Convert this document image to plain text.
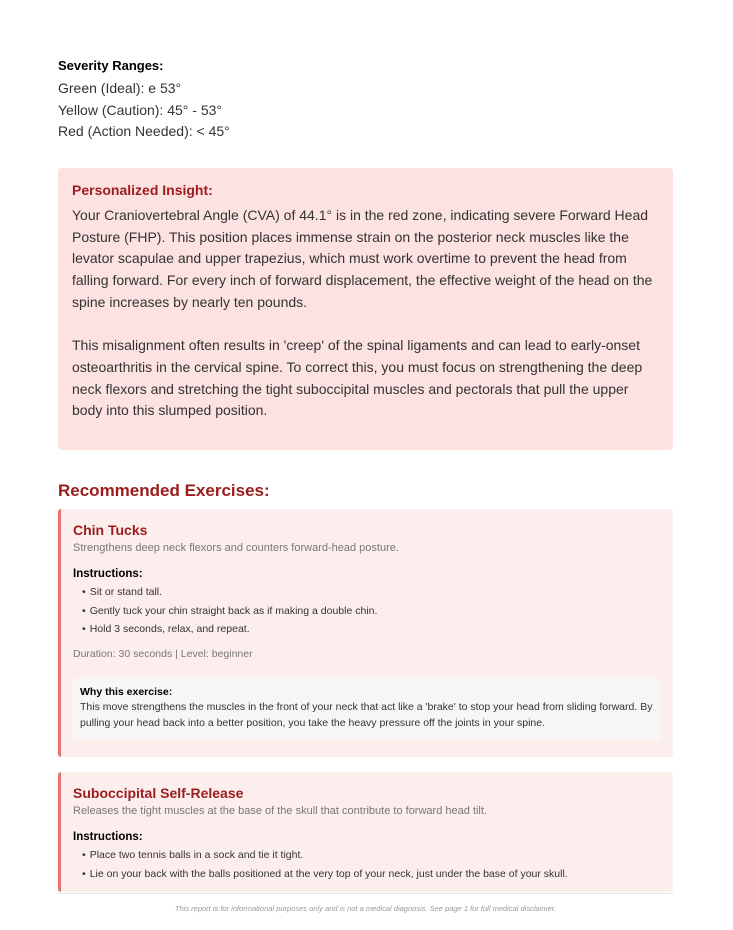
Severity Ranges:
Green (Ideal): e 53°
Yellow (Caution): 45° - 53°
Red (Action Needed): < 45°
Personalized Insight:

Your Craniovertebral Angle (CVA) of 44.1° is in the red zone, indicating severe Forward Head Posture (FHP). This position places immense strain on the posterior neck muscles like the levator scapulae and upper trapezius, which must work overtime to prevent the head from falling forward. For every inch of forward displacement, the effective weight of the head on the spine increases by nearly ten pounds.

This misalignment often results in 'creep' of the spinal ligaments and can lead to early-onset osteoarthritis in the cervical spine. To correct this, you must focus on strengthening the deep neck flexors and stretching the tight suboccipital muscles and pectorals that pull the upper body into this slumped position.

Recommended Exercises:
Chin Tucks
Strengthens deep neck flexors and counters forward-head posture.
Instructions:
• Sit or stand tall.
• Gently tuck your chin straight back as if making a double chin.
• Hold 3 seconds, relax, and repeat.
Duration: 30 seconds | Level: beginner
Why this exercise:
This move strengthens the muscles in the front of your neck that act like a 'brake' to stop your head from sliding forward. By pulling your head back into a better position, you take the heavy pressure off the joints in your spine.
Suboccipital Self-Release
Releases the tight muscles at the base of the skull that contribute to forward head tilt.
Instructions:
• Place two tennis balls in a sock and tie it tight.
• Lie on your back with the balls positioned at the very top of your neck, just under the base of your skull.
This report is for informational purposes only and is not a medical diagnosis. See page 1 for full medical disclaimer.
